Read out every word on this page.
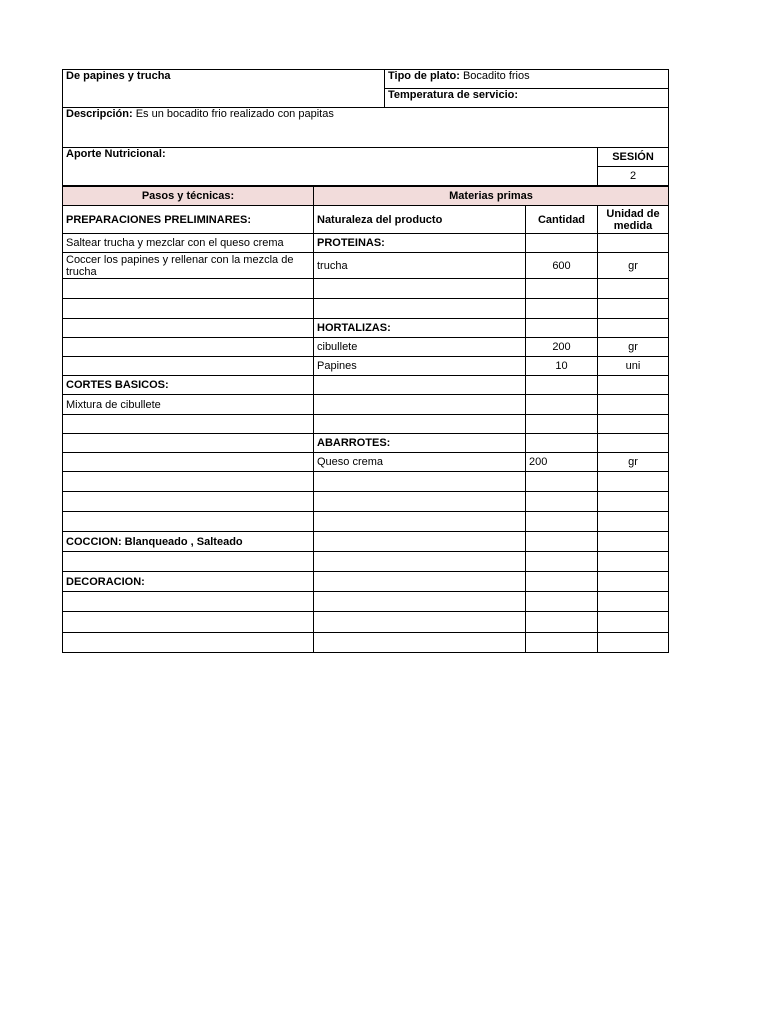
De papines y trucha	Tipo de plato: Bocadito frios	
	Temperatura de servicio:	
Descripción: Es un bocadito frio realizado con papitas		
Aporte Nutricional:		SESIÓN
		2
Pasos y técnicas:	Materias primas		
PREPARACIONES PRELIMINARES:	Naturaleza del producto	Cantidad	Unidad de medida
Saltear trucha y mezclar con el queso crema	PROTEINAS:		
Coccer los papines y rellenar con la mezcla de trucha	trucha	600	gr

	HORTALIZAS:		
	cibullete	200	gr
	Papines	10	uni
CORTES BASICOS:			
Mixtura de cibullete			

	ABARROTES:		
	Queso crema	200	gr

COCCION: Blanqueado , Salteado			

DECORACION:			
